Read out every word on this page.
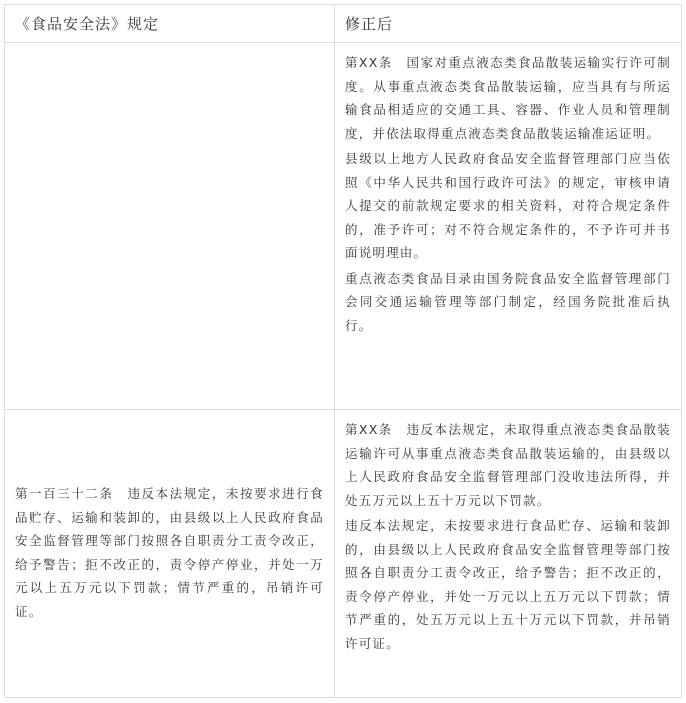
《食品安全法》规定	修正后

	第XX条　国家对重点液态类食品散装运输实行许可制度。从事重点液态类食品散装运输，应当具有与所运输食品相适应的交通工具、容器、作业人员和管理制度，并依法取得重点液态类食品散装运输准运证明。

县级以上地方人民政府食品安全监督管理部门应当依照《中华人民共和国行政许可法》的规定，审核申请人提交的前款规定要求的相关资料，对符合规定条件的，准予许可；对不符合规定条件的，不予许可并书面说明理由。

重点液态类食品目录由国务院食品安全监督管理部门会同交通运输管理等部门制定，经国务院批准后执行。

第一百三十二条　违反本法规定，未按要求进行食品贮存、运输和装卸的，由县级以上人民政府食品安全监督管理等部门按照各自职责分工责令改正，给予警告；拒不改正的，责令停产停业，并处一万元以上五万元以下罚款；情节严重的，吊销许可证。	第XX条　违反本法规定，未取得重点液态类食品散装运输许可从事重点液态类食品散装运输的，由县级以上人民政府食品安全监督管理部门没收违法所得，并处五万元以上五十万元以下罚款。

违反本法规定，未按要求进行食品贮存、运输和装卸的，由县级以上人民政府食品安全监督管理等部门按照各自职责分工责令改正，给予警告；拒不改正的，责令停产停业，并处一万元以上五万元以下罚款；情节严重的，处五万元以上五十万元以下罚款，并吊销许可证。
